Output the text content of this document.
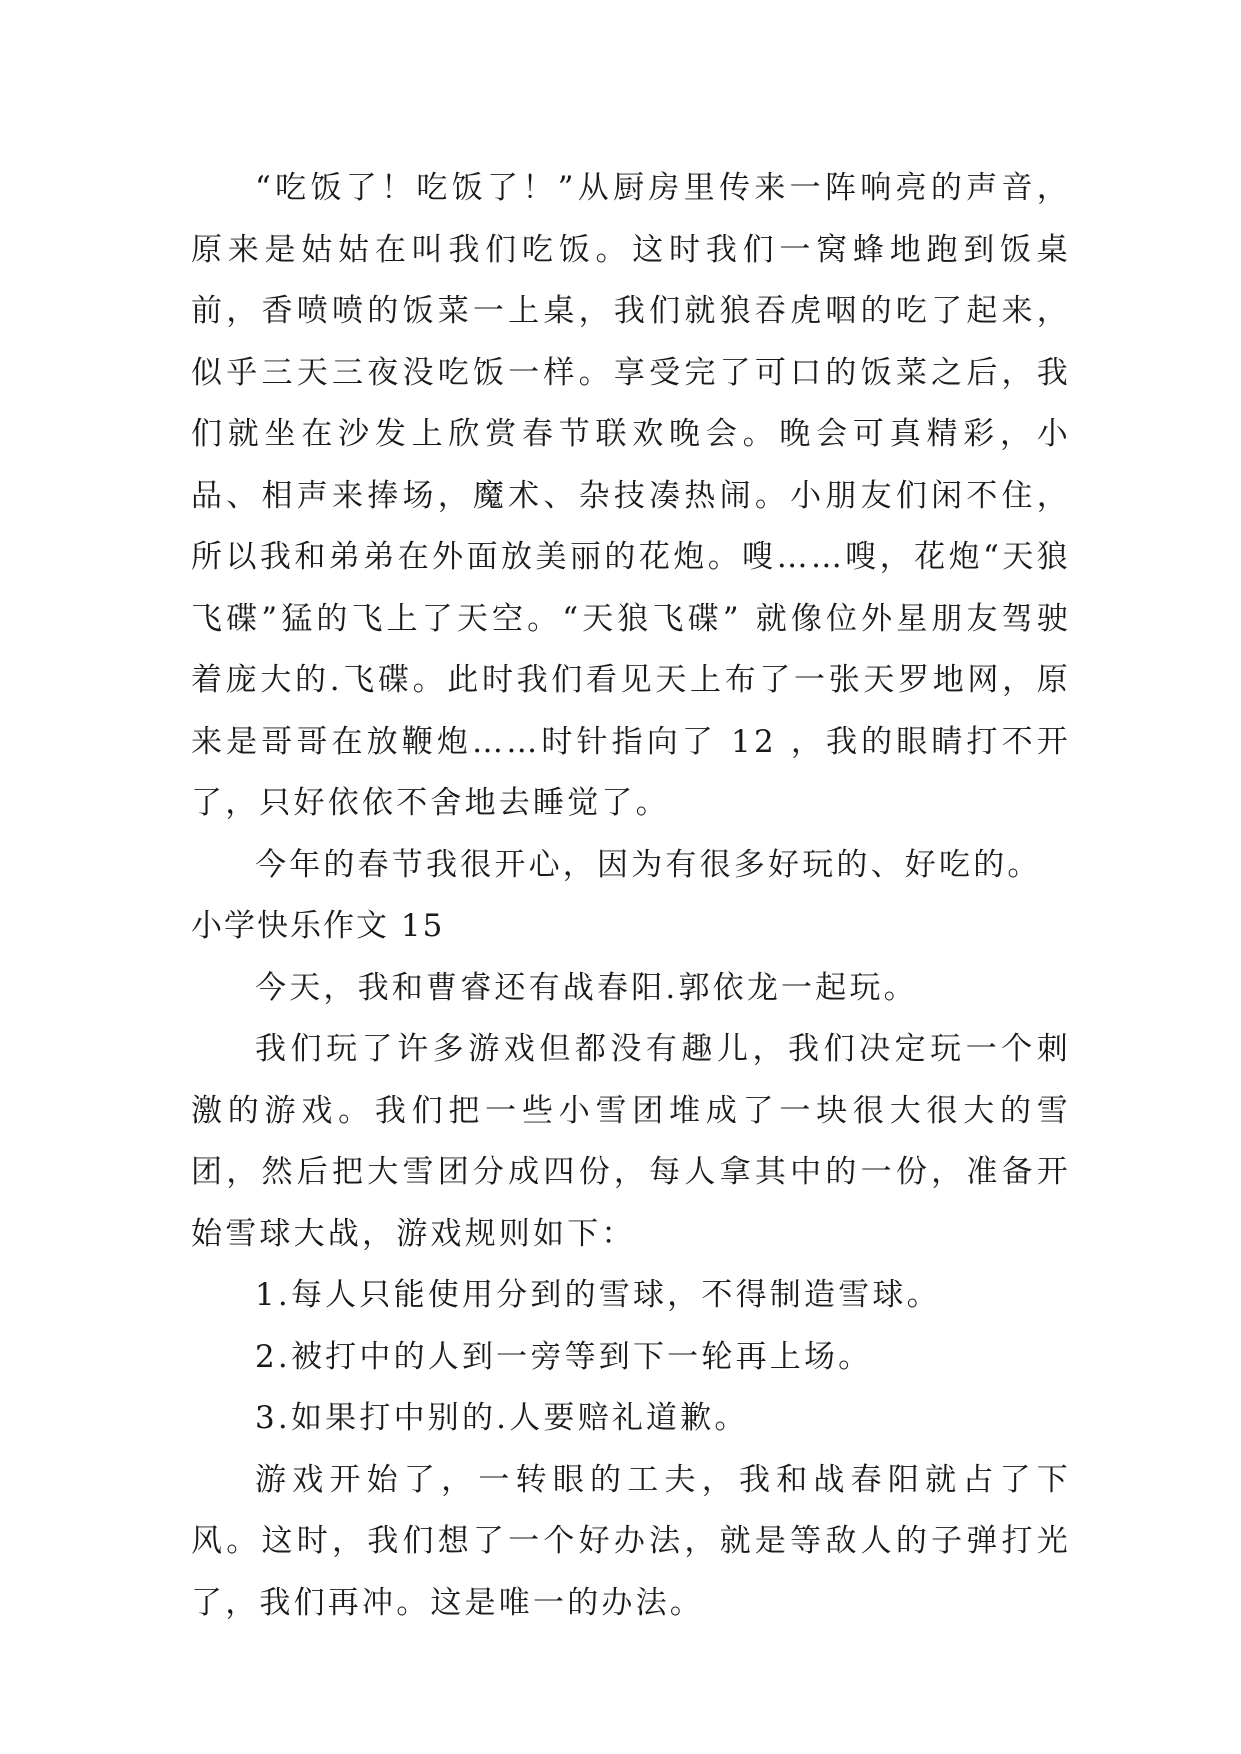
“吃饭了！吃饭了！”从厨房里传来一阵响亮的声音，原来是姑姑在叫我们吃饭。这时我们一窝蜂地跑到饭桌前，香喷喷的饭菜一上桌，我们就狼吞虎咽的吃了起来，似乎三天三夜没吃饭一样。享受完了可口的饭菜之后，我们就坐在沙发上欣赏春节联欢晚会。晚会可真精彩，小品、相声来捧场，魔术、杂技凑热闹。小朋友们闲不住，所以我和弟弟在外面放美丽的花炮。嗖……嗖，花炮“天狼飞碟”猛的飞上了天空。“天狼飞碟” 就像位外星朋友驾驶着庞大的.飞碟。此时我们看见天上布了一张天罗地网，原来是哥哥在放鞭炮……时针指向了 12 ，我的眼睛打不开了，只好依依不舍地去睡觉了。

今年的春节我很开心，因为有很多好玩的、好吃的。

小学快乐作文 15

今天，我和曹睿还有战春阳.郭依龙一起玩。

我们玩了许多游戏但都没有趣儿，我们决定玩一个刺激的游戏。我们把一些小雪团堆成了一块很大很大的雪团，然后把大雪团分成四份，每人拿其中的一份，准备开始雪球大战，游戏规则如下：

1.每人只能使用分到的雪球，不得制造雪球。

2.被打中的人到一旁等到下一轮再上场。

3.如果打中别的.人要赔礼道歉。

游戏开始了，一转眼的工夫，我和战春阳就占了下风。这时，我们想了一个好办法，就是等敌人的子弹打光了，我们再冲。这是唯一的办法。
